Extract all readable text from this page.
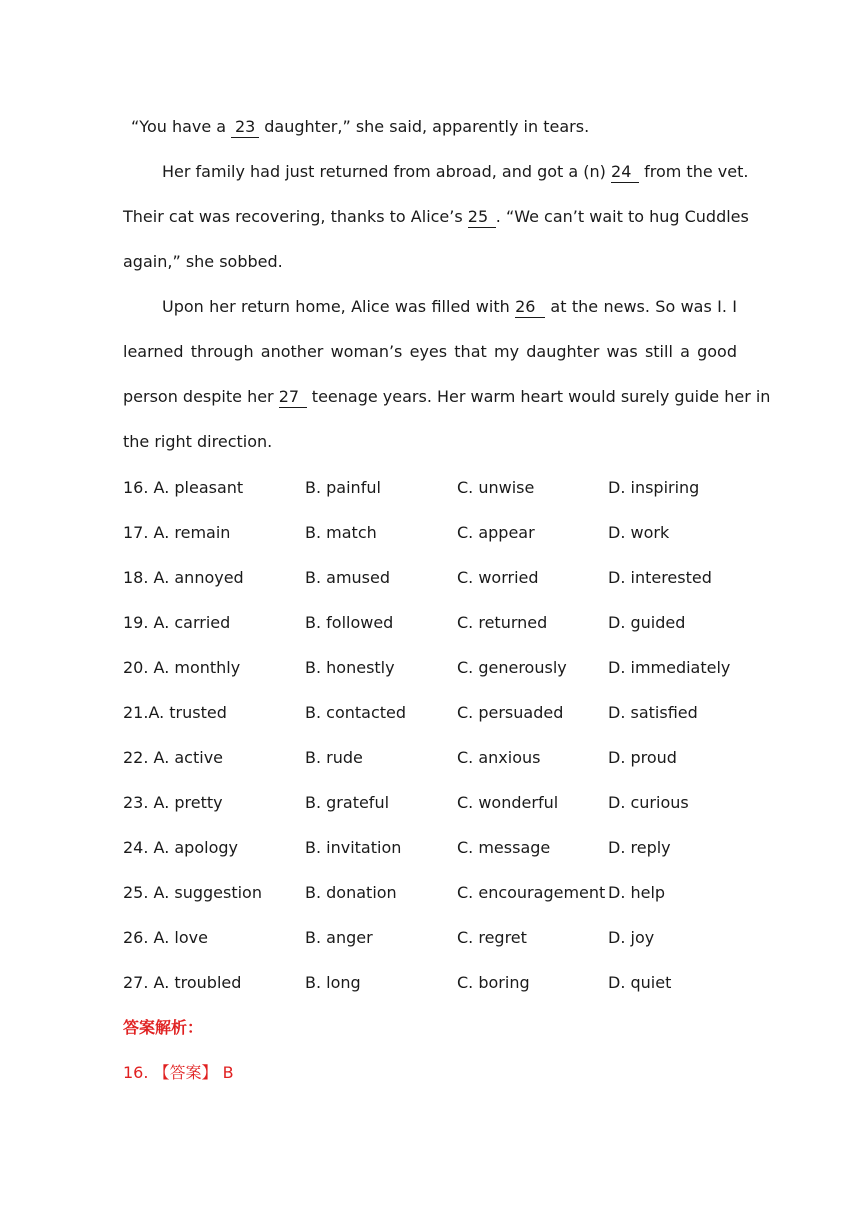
“You have a 23 daughter,” she said, apparently in tears.
Her family had just returned from abroad, and got a (n) 24 from the vet.
Their cat was recovering, thanks to Alice’s 25 . “We can’t wait to hug Cuddles
again,” she sobbed.
Upon her return home, Alice was filled with 26 at the news. So was I. I
learned through another woman’s eyes that my daughter was still a good
person despite her 27 teenage years. Her warm heart would surely guide her in
the right direction.
16. A. pleasant	B. painful	C. unwise	D. inspiring
17. A. remain	B. match	C. appear	D. work
18. A. annoyed	B. amused	C. worried	D. interested
19. A. carried	B. followed	C. returned	D. guided
20. A. monthly	B. honestly	C. generously	D. immediately
21.A. trusted	B. contacted	C. persuaded	D. satisfied
22. A. active	B. rude	C. anxious	D. proud
23. A. pretty	B. grateful	C. wonderful	D. curious
24. A. apology	B. invitation	C. message	D. reply
25. A. suggestion	B. donation	C. encouragement D. help
26. A. love	B. anger	C. regret	D. joy
27. A. troubled	B. long	C. boring	D. quiet
答案解析：
16. 【答案】 B
